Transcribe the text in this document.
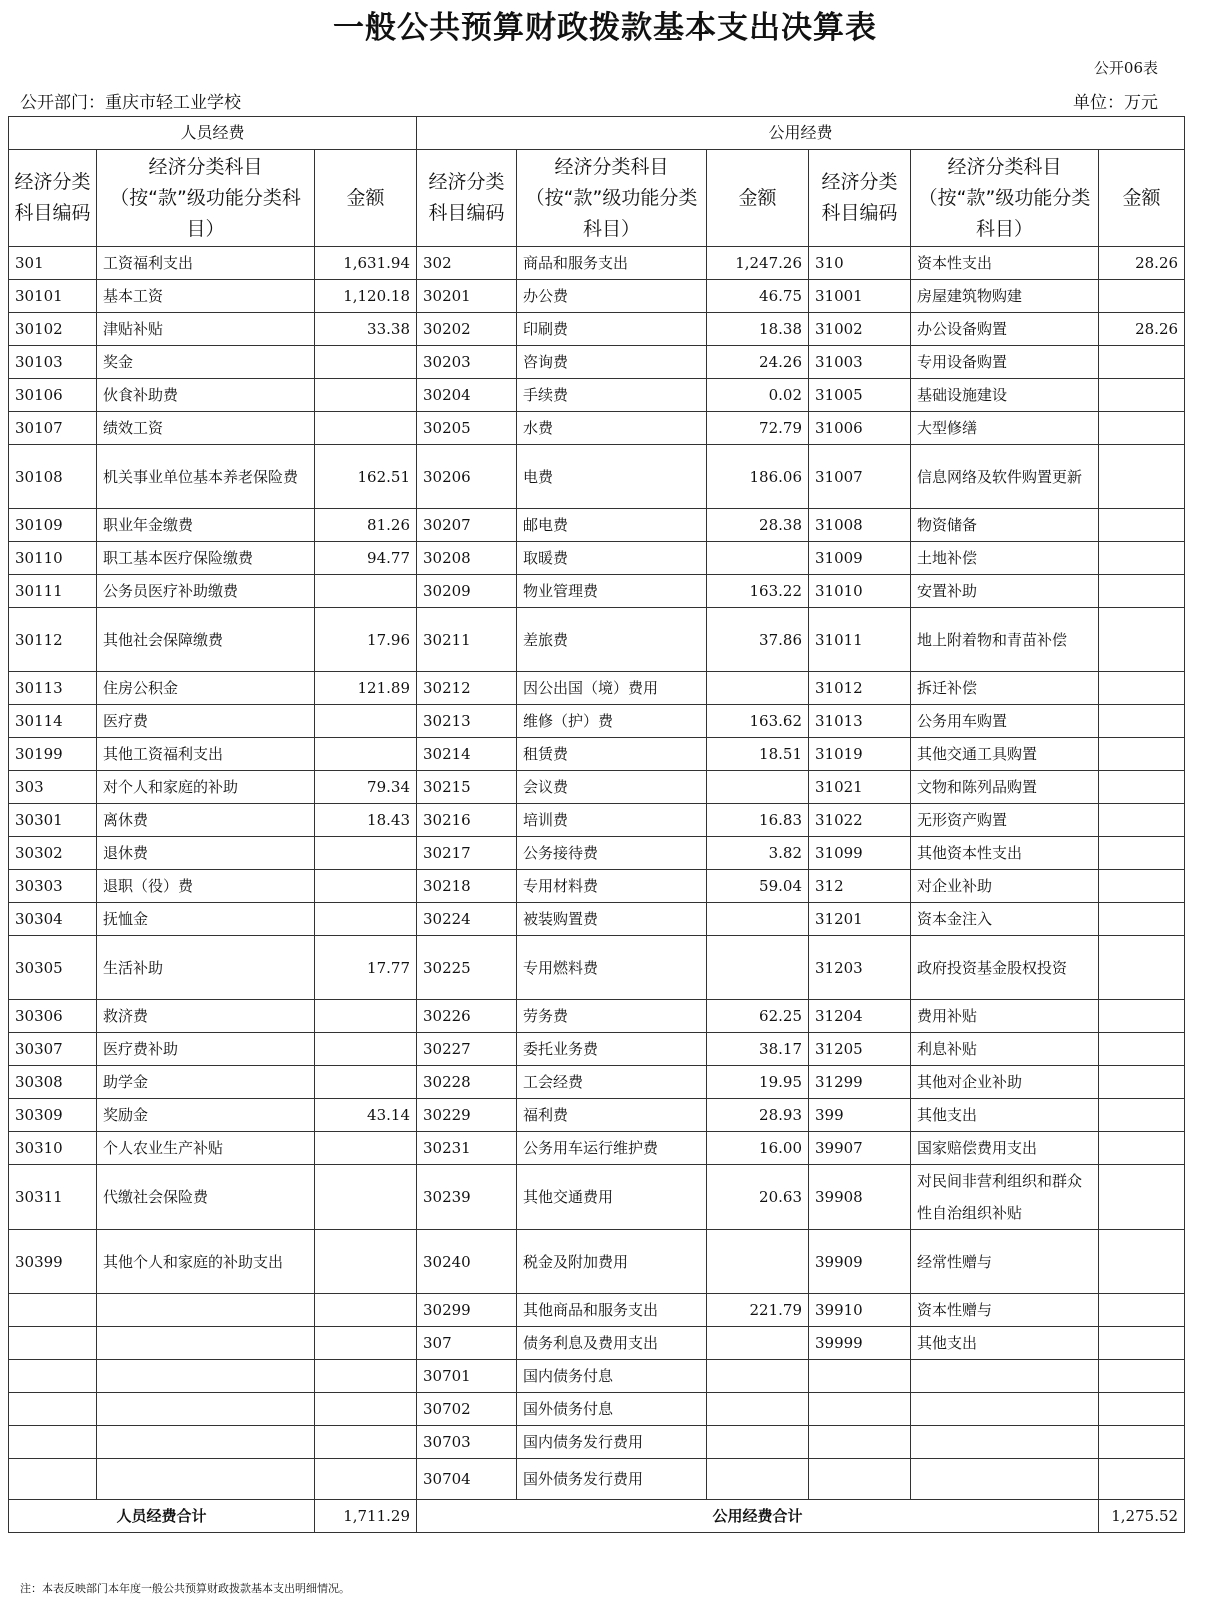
一般公共预算财政拨款基本支出决算表
公开06表
公开部门：重庆市轻工业学校	单位：万元
人员经费			公用经费					
经济分类科目编码	经济分类科目（按“款”级功能分类科目）	金额	经济分类科目编码	经济分类科目（按“款”级功能分类科目）	金额	经济分类科目编码	经济分类科目（按“款”级功能分类科目）	金额
301	工资福利支出	1,631.94	302	商品和服务支出	1,247.26	310	资本性支出	28.26
30101	基本工资	1,120.18	30201	办公费	46.75	31001	房屋建筑物购建	
30102	津贴补贴	33.38	30202	印刷费	18.38	31002	办公设备购置	28.26
30103	奖金		30203	咨询费	24.26	31003	专用设备购置	
30106	伙食补助费		30204	手续费	0.02	31005	基础设施建设	
30107	绩效工资		30205	水费	72.79	31006	大型修缮	
30108	机关事业单位基本养老保险费	162.51	30206	电费	186.06	31007	信息网络及软件购置更新	
30109	职业年金缴费	81.26	30207	邮电费	28.38	31008	物资储备	
30110	职工基本医疗保险缴费	94.77	30208	取暖费		31009	土地补偿	
30111	公务员医疗补助缴费		30209	物业管理费	163.22	31010	安置补助	
30112	其他社会保障缴费	17.96	30211	差旅费	37.86	31011	地上附着物和青苗补偿	
30113	住房公积金	121.89	30212	因公出国（境）费用		31012	拆迁补偿	
30114	医疗费		30213	维修（护）费	163.62	31013	公务用车购置	
30199	其他工资福利支出		30214	租赁费	18.51	31019	其他交通工具购置	
303	对个人和家庭的补助	79.34	30215	会议费		31021	文物和陈列品购置	
30301	离休费	18.43	30216	培训费	16.83	31022	无形资产购置	
30302	退休费		30217	公务接待费	3.82	31099	其他资本性支出	
30303	退职（役）费		30218	专用材料费	59.04	312	对企业补助	
30304	抚恤金		30224	被装购置费		31201	资本金注入	
30305	生活补助	17.77	30225	专用燃料费		31203	政府投资基金股权投资	
30306	救济费		30226	劳务费	62.25	31204	费用补贴	
30307	医疗费补助		30227	委托业务费	38.17	31205	利息补贴	
30308	助学金		30228	工会经费	19.95	31299	其他对企业补助	
30309	奖励金	43.14	30229	福利费	28.93	399	其他支出	
30310	个人农业生产补贴		30231	公务用车运行维护费	16.00	39907	国家赔偿费用支出	
30311	代缴社会保险费		30239	其他交通费用	20.63	39908	对民间非营利组织和群众性自治组织补贴	
30399	其他个人和家庭的补助支出		30240	税金及附加费用		39909	经常性赠与	
			30299	其他商品和服务支出	221.79	39910	资本性赠与	
			307	债务利息及费用支出		39999	其他支出	
			30701	国内债务付息				
			30702	国外债务付息				
			30703	国内债务发行费用				
			30704	国外债务发行费用				
人员经费合计		1,711.29	公用经费合计					1,275.52
注：本表反映部门本年度一般公共预算财政拨款基本支出明细情况。
